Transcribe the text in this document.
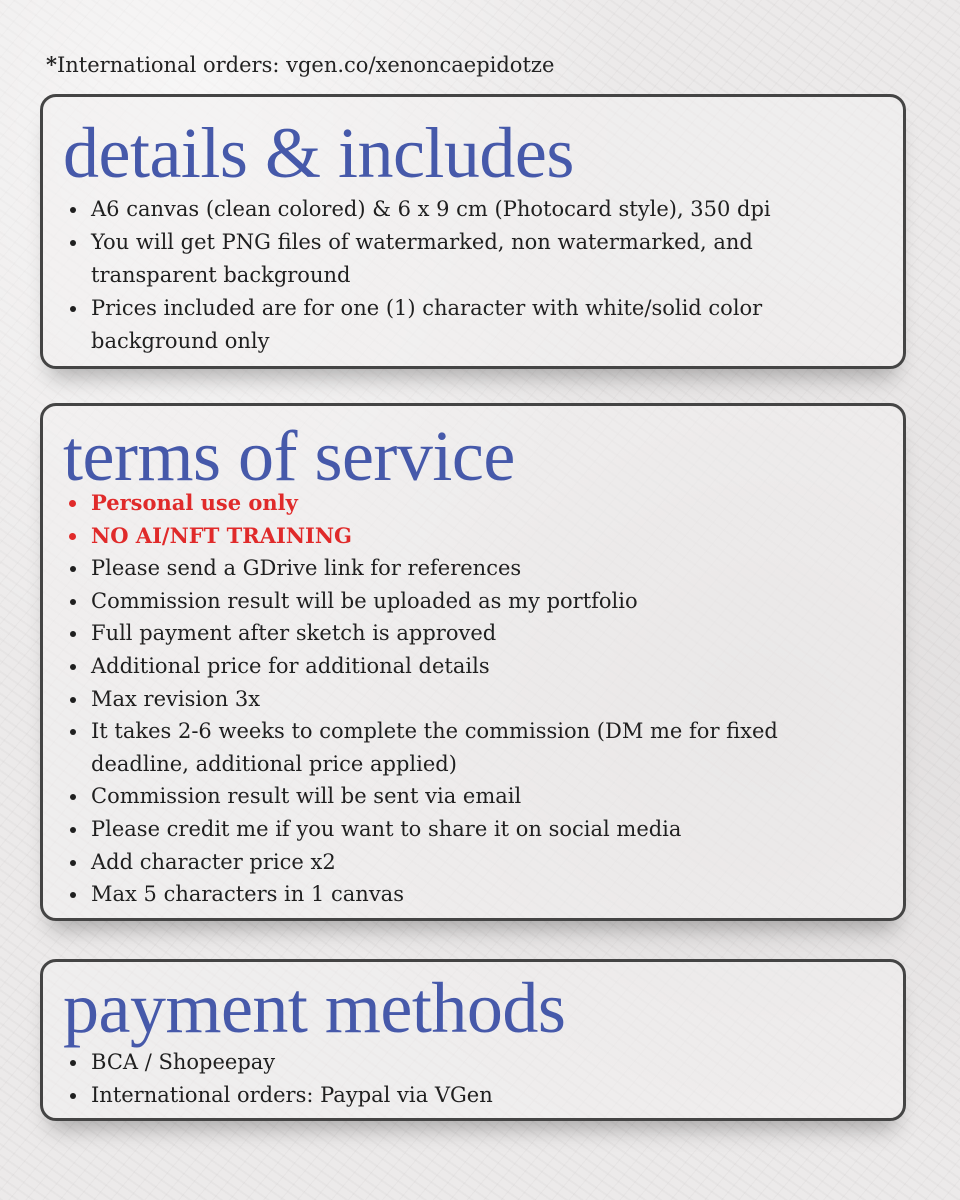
*International orders: vgen.co/xenoncaepidotze
details & includes
• A6 canvas (clean colored) & 6 x 9 cm (Photocard style), 350 dpi
• You will get PNG files of watermarked, non watermarked, and transparent background
• Prices included are for one (1) character with white/solid color background only
terms of service
• Personal use only
• NO AI/NFT TRAINING
• Please send a GDrive link for references
• Commission result will be uploaded as my portfolio
• Full payment after sketch is approved
• Additional price for additional details
• Max revision 3x
• It takes 2-6 weeks to complete the commission (DM me for fixed deadline, additional price applied)
• Commission result will be sent via email
• Please credit me if you want to share it on social media
• Add character price x2
• Max 5 characters in 1 canvas
payment methods
• BCA / Shopeepay
• International orders: Paypal via VGen
